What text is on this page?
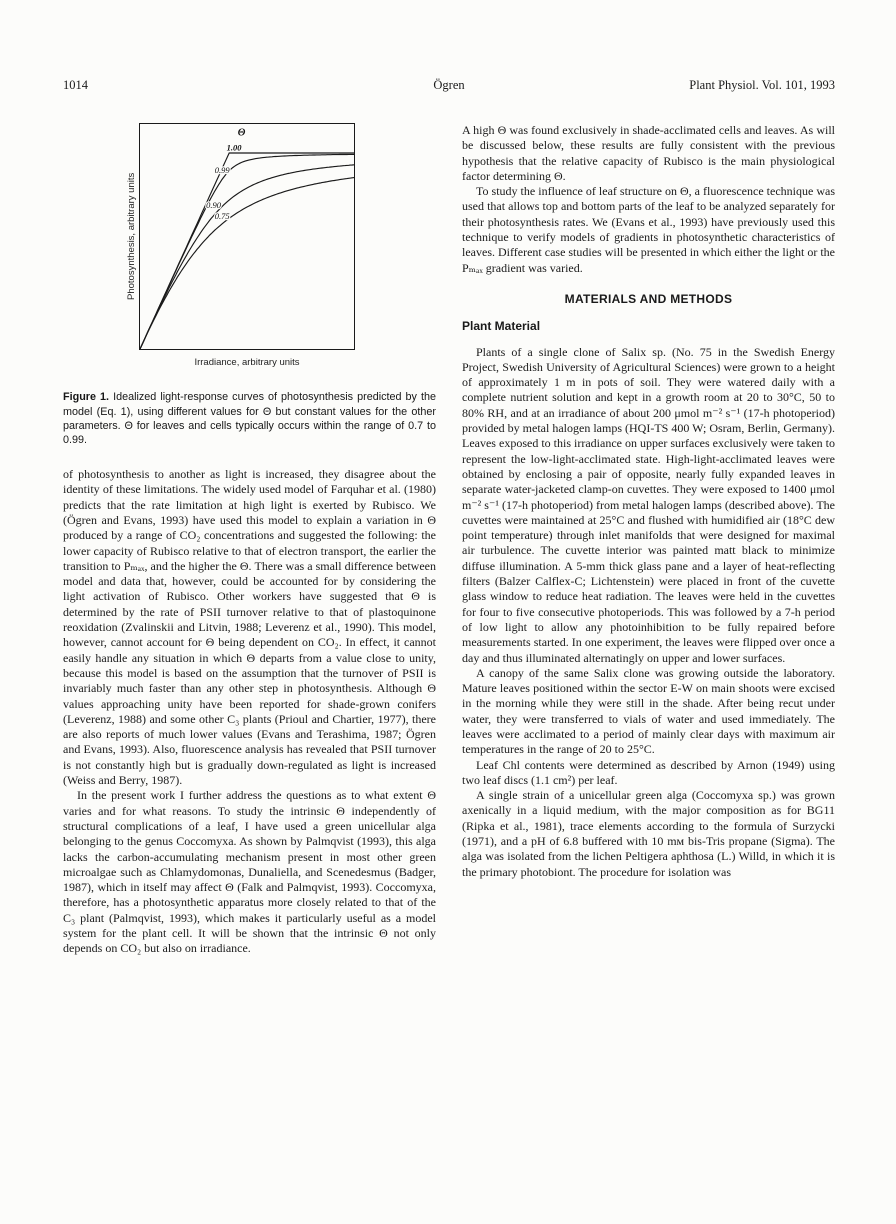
1014	Ögren	Plant Physiol. Vol. 101, 1993
Photosynthesis, arbitrary units
Θ
1.00
0.99
0.90
0.75
Irradiance, arbitrary units

Figure 1. Idealized light-response curves of photosynthesis predicted by the model (Eq. 1), using different values for Θ but constant values for the other parameters. Θ for leaves and cells typically occurs within the range of 0.7 to 0.99.

of photosynthesis to another as light is increased, they disagree about the identity of these limitations. The widely used model of Farquhar et al. (1980) predicts that the rate limitation at high light is exerted by Rubisco. We (Ögren and Evans, 1993) have used this model to explain a variation in Θ produced by a range of CO₂ concentrations and suggested the following: the lower capacity of Rubisco relative to that of electron transport, the earlier the transition to Pₘₐₓ, and the higher the Θ. There was a small difference between model and data that, however, could be accounted for by considering the light activation of Rubisco. Other workers have suggested that Θ is determined by the rate of PSII turnover relative to that of plastoquinone reoxidation (Zvalinskii and Litvin, 1988; Leverenz et al., 1990). This model, however, cannot account for Θ being dependent on CO₂. In effect, it cannot easily handle any situation in which Θ departs from a value close to unity, because this model is based on the assumption that the turnover of PSII is invariably much faster than any other step in photosynthesis. Although Θ values approaching unity have been reported for shade-grown conifers (Leverenz, 1988) and some other C₃ plants (Prioul and Chartier, 1977), there are also reports of much lower values (Evans and Terashima, 1987; Ögren and Evans, 1993). Also, fluorescence analysis has revealed that PSII turnover is not constantly high but is gradually down-regulated as light is increased (Weiss and Berry, 1987).

In the present work I further address the questions as to what extent Θ varies and for what reasons. To study the intrinsic Θ independently of structural complications of a leaf, I have used a green unicellular alga belonging to the genus Coccomyxa. As shown by Palmqvist (1993), this alga lacks the carbon-accumulating mechanism present in most other green microalgae such as Chlamydomonas, Dunaliella, and Scenedesmus (Badger, 1987), which in itself may affect Θ (Falk and Palmqvist, 1993). Coccomyxa, therefore, has a photosynthetic apparatus more closely related to that of the C₃ plant (Palmqvist, 1993), which makes it particularly useful as a model system for the plant cell. It will be shown that the intrinsic Θ not only depends on CO₂ but also on irradiance.

A high Θ was found exclusively in shade-acclimated cells and leaves. As will be discussed below, these results are fully consistent with the previous hypothesis that the relative capacity of Rubisco is the main physiological factor determining Θ.

To study the influence of leaf structure on Θ, a fluorescence technique was used that allows top and bottom parts of the leaf to be analyzed separately for their photosynthesis rates. We (Evans et al., 1993) have previously used this technique to verify models of gradients in photosynthetic characteristics of leaves. Different case studies will be presented in which either the light or the Pₘₐₓ gradient was varied.

MATERIALS AND METHODS
Plant Material

Plants of a single clone of Salix sp. (No. 75 in the Swedish Energy Project, Swedish University of Agricultural Sciences) were grown to a height of approximately 1 m in pots of soil. They were watered daily with a complete nutrient solution and kept in a growth room at 20 to 30°C, 50 to 80% RH, and at an irradiance of about 200 μmol m⁻² s⁻¹ (17-h photoperiod) provided by metal halogen lamps (HQI-TS 400 W; Osram, Berlin, Germany). Leaves exposed to this irradiance on upper surfaces exclusively were taken to represent the low-light-acclimated state. High-light-acclimated leaves were obtained by enclosing a pair of opposite, nearly fully expanded leaves in separate water-jacketed clamp-on cuvettes. They were exposed to 1400 μmol m⁻² s⁻¹ (17-h photoperiod) from metal halogen lamps (described above). The cuvettes were maintained at 25°C and flushed with humidified air (18°C dew point temperature) through inlet manifolds that were designed for maximal air turbulence. The cuvette interior was painted matt black to minimize diffuse illumination. A 5-mm thick glass pane and a layer of heat-reflecting filters (Balzer Calflex-C; Lichtenstein) were placed in front of the cuvette glass window to reduce heat radiation. The leaves were held in the cuvettes for four to five consecutive photoperiods. This was followed by a 7-h period of low light to allow any photoinhibition to be fully repaired before measurements started. In one experiment, the leaves were flipped over once a day and thus illuminated alternatingly on upper and lower surfaces.

A canopy of the same Salix clone was growing outside the laboratory. Mature leaves positioned within the sector E-W on main shoots were excised in the morning while they were still in the shade. After being recut under water, they were transferred to vials of water and used immediately. The leaves were acclimated to a period of mainly clear days with maximum air temperatures in the range of 20 to 25°C.

Leaf Chl contents were determined as described by Arnon (1949) using two leaf discs (1.1 cm²) per leaf.

A single strain of a unicellular green alga (Coccomyxa sp.) was grown axenically in a liquid medium, with the major composition as for BG11 (Ripka et al., 1981), trace elements according to the formula of Surzycki (1971), and a pH of 6.8 buffered with 10 mᴍ bis-Tris propane (Sigma). The alga was isolated from the lichen Peltigera aphthosa (L.) Willd, in which it is the primary photobiont. The procedure for isolation was
